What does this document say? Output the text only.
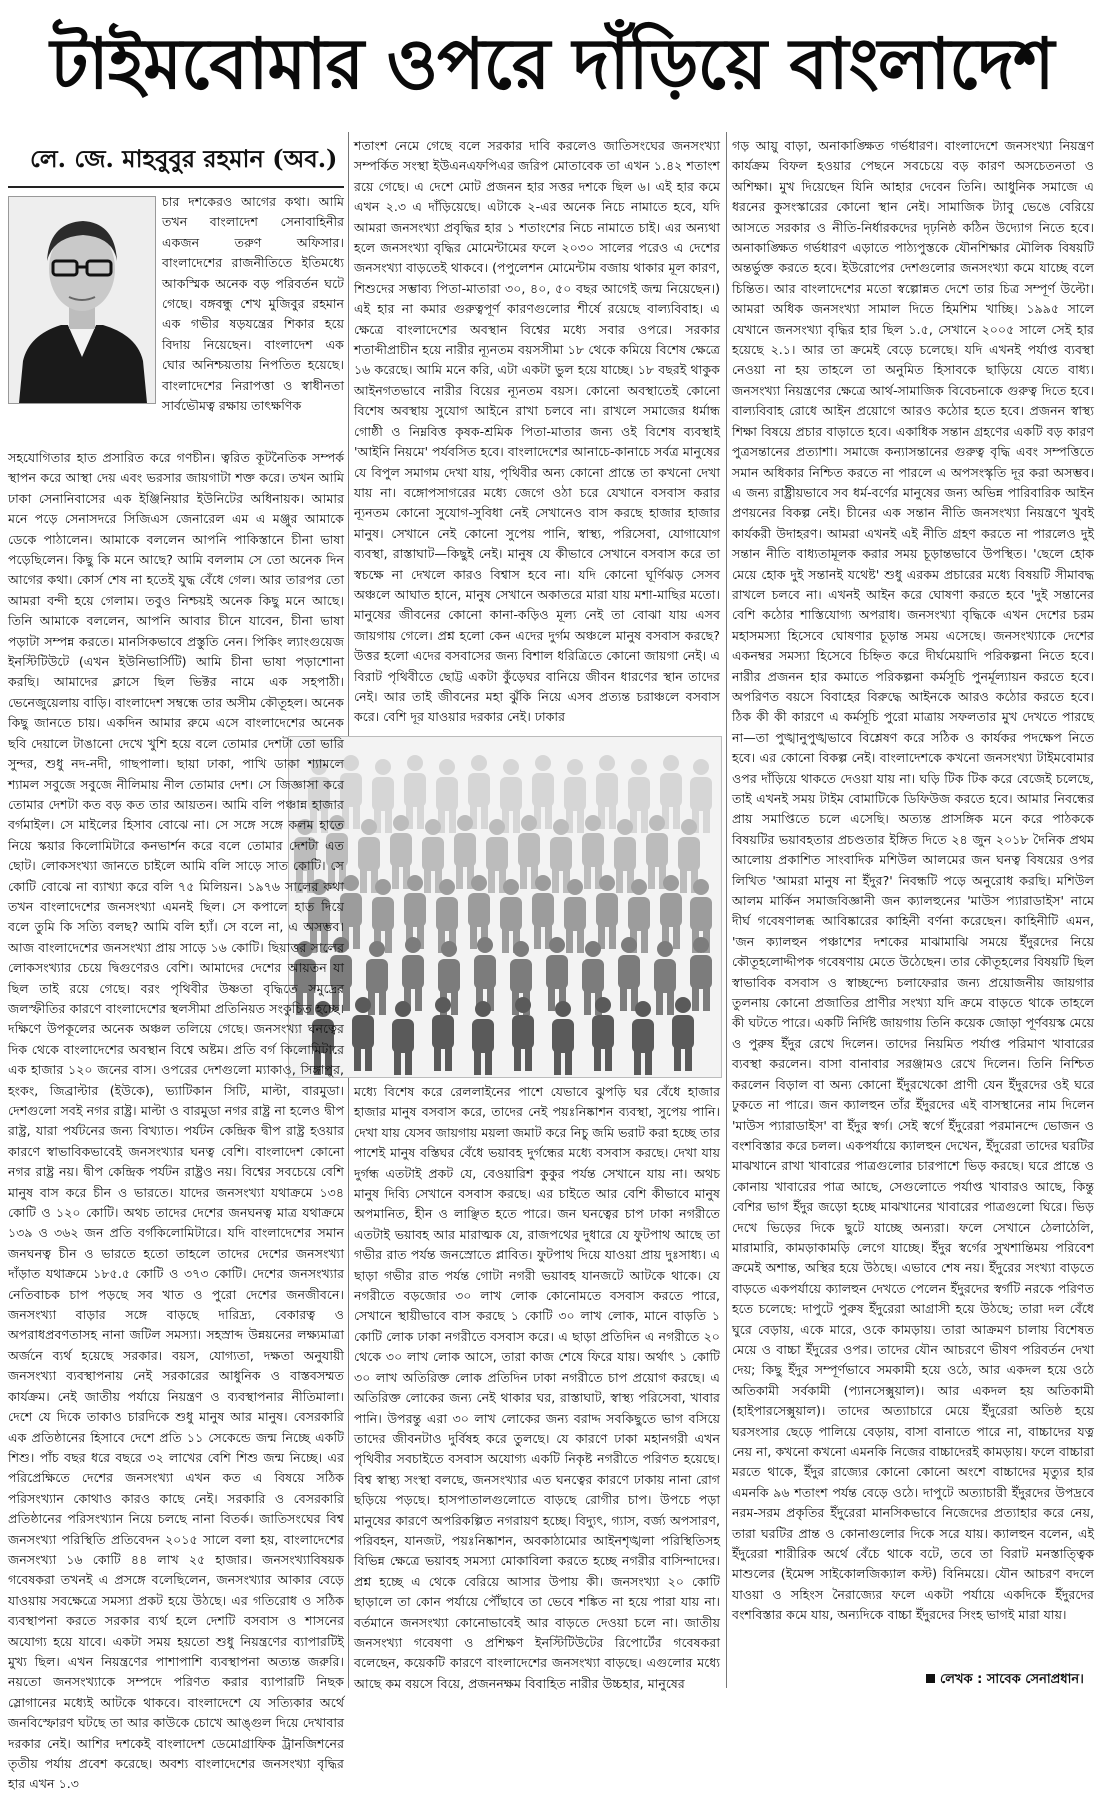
টাইমবোমার ওপরে দাঁড়িয়ে বাংলাদেশ
লে. জে. মাহবুবুর রহমান (অব.)

চার দশকেরও আগের কথা। আমি তখন বাংলাদেশ সেনাবাহিনীর একজন তরুণ অফিসার। বাংলাদেশের রাজনীতিতে ইতিমধ্যে আকস্মিক অনেক বড় পরিবর্তন ঘটে গেছে। বঙ্গবন্ধু শেখ মুজিবুর রহমান এক গভীর ষড়যন্ত্রের শিকার হয়ে বিদায় নিয়েছেন। বাংলাদেশ এক ঘোর অনিশ্চয়তায় নিপতিত হয়েছে। বাংলাদেশের নিরাপত্তা ও স্বাধীনতা সার্বভৌমত্ব রক্ষায় তাৎক্ষণিক

সহযোগিতার হাত প্রসারিত করে গণচীন। ত্বরিত কূটনৈতিক সম্পর্ক স্থাপন করে আস্থা দেয় এবং ভরসার জায়গাটা শক্ত করে। তখন আমি ঢাকা সেনানিবাসের এক ইঞ্জিনিয়ার ইউনিটের অধিনায়ক। আমার মনে পড়ে সেনাসদরে সিজিএস জেনারেল এম এ মঞ্জুর আমাকে ডেকে পাঠালেন। আমাকে বললেন আপনি পাকিস্তানে চীনা ভাষা পড়েছিলেন। কিছু কি মনে আছে? আমি বললাম সে তো অনেক দিন আগের কথা। কোর্স শেষ না হতেই যুদ্ধ বেঁধে গেল। আর তারপর তো আমরা বন্দী হয়ে গেলাম। তবুও নিশ্চয়ই অনেক কিছু মনে আছে। তিনি আমাকে বললেন, আপনি আবার চীনে যাবেন, চীনা ভাষা পড়াটা সম্পন্ন করতে। মানসিকভাবে প্রস্তুতি নেন। পিকিং ল্যাংগুয়েজ ইনস্টিটিউটে (এখন ইউনিভার্সিটি) আমি চীনা ভাষা পড়াশোনা করছি। আমাদের ক্লাসে ছিল ভিক্টর নামে এক সহপাঠী। ভেনেজুয়েলায় বাড়ি। বাংলাদেশ সম্বন্ধে তার অসীম কৌতূহল। অনেক কিছু জানতে চায়। একদিন আমার রুমে এসে বাংলাদেশের অনেক ছবি দেয়ালে টাঙানো দেখে খুশি হয়ে বলে তোমার দেশটা তো ভারি সুন্দর, শুধু নদ-নদী, গাছপালা। ছায়া ঢাকা, পাখি ডাকা শ্যামলে শ্যামল সবুজে সবুজে নীলিমায় নীল তোমার দেশ। সে জিজ্ঞাসা করে তোমার দেশটা কত বড় কত তার আয়তন। আমি বলি পঞ্চান্ন হাজার বর্গমাইল। সে মাইলের হিসাব বোঝে না। সে সঙ্গে সঙ্গে কলম হাতে নিয়ে স্কয়ার কিলোমিটারে কনভার্শন করে বলে তোমার দেশটা এত ছোট। লোকসংখ্যা জানতে চাইলে আমি বলি সাড়ে সাত কোটি। সে কোটি বোঝে না ব্যাখ্যা করে বলি ৭৫ মিলিয়ন। ১৯৭৬ সালের কথা তখন বাংলাদেশের জনসংখ্যা এমনই ছিল। সে কপালে হাত দিয়ে বলে তুমি কি সত্যি বলছ? আমি বলি হ্যাঁ। সে বলে না, এ অসম্ভব। আজ বাংলাদেশের জনসংখ্যা প্রায় সাড়ে ১৬ কোটি। ছিয়াত্তর সালের লোকসংখ্যার চেয়ে দ্বিগুণেরও বেশি। আমাদের দেশের আয়তন যা ছিল তাই রয়ে গেছে। বরং পৃথিবীর উষ্ণতা বৃদ্ধিতে সমুদ্রের জলস্ফীতির কারণে বাংলাদেশের স্থলসীমা প্রতিনিয়ত সংকুচিত হচ্ছে। দক্ষিণে উপকূলের অনেক অঞ্চল তলিয়ে গেছে। জনসংখ্যা ঘনত্বের দিক থেকে বাংলাদেশের অবস্থান বিশ্বে অষ্টম। প্রতি বর্গ কিলোমিটারে এক হাজার ১২০ জনের বাস। ওপরের দেশগুলো ম্যাকাও, সিঙ্গাপুর, হংকং, জিব্রাল্টার (ইউকে), ভ্যাটিকান সিটি, মাল্টা, বারমুডা। দেশগুলো সবই নগর রাষ্ট্র। মাল্টা ও বারমুডা নগর রাষ্ট্র না হলেও দ্বীপ রাষ্ট্র, যারা পর্যটনের জন্য বিখ্যাত। পর্যটন কেন্দ্রিক দ্বীপ রাষ্ট্র হওয়ার কারণে স্বাভাবিকভাবেই জনসংখ্যার ঘনত্ব বেশি। বাংলাদেশ কোনো নগর রাষ্ট্র নয়। দ্বীপ কেন্দ্রিক পর্যটন রাষ্ট্রও নয়। বিশ্বের সবচেয়ে বেশি মানুষ বাস করে চীন ও ভারতে। যাদের জনসংখ্যা যথাক্রমে ১৩৪ কোটি ও ১২০ কোটি। অথচ তাদের দেশের জনঘনত্ব মাত্র যথাক্রমে ১৩৯ ও ৩৬২ জন প্রতি বর্গকিলোমিটারে। যদি বাংলাদেশের সমান জনঘনত্ব চীন ও ভারতে হতো তাহলে তাদের দেশের জনসংখ্যা দাঁড়াত যথাক্রমে ১৮৫.৫ কোটি ও ৩৭৩ কোটি। দেশের জনসংখ্যার নেতিবাচক চাপ পড়ছে সব খাত ও পুরো দেশের জনজীবনে। জনসংখ্যা বাড়ার সঙ্গে বাড়ছে দারিদ্র্য, বেকারত্ব ও অপরাধপ্রবণতাসহ নানা জটিল সমস্যা। সহস্রাব্দ উন্নয়নের লক্ষ্যমাত্রা অর্জনে ব্যর্থ হয়েছে সরকার। বয়স, যোগ্যতা, দক্ষতা অনুযায়ী জনসংখ্যা ব্যবস্থাপনায় নেই সরকারের আধুনিক ও বাস্তবসম্মত কার্যক্রম। নেই জাতীয় পর্যায়ে নিয়ন্ত্রণ ও ব্যবস্থাপনার নীতিমালা। দেশে যে দিকে তাকাও চারদিকে শুধু মানুষ আর মানুষ। বেসরকারি এক প্রতিষ্ঠানের হিসাবে দেশে প্রতি ১১ সেকেন্ডে জন্ম নিচ্ছে একটি শিশু। পাঁচ বছর ধরে বছরে ৩২ লাখের বেশি শিশু জন্ম নিচ্ছে। এর পরিপ্রেক্ষিতে দেশের জনসংখ্যা এখন কত এ বিষয়ে সঠিক পরিসংখ্যান কোথাও কারও কাছে নেই। সরকারি ও বেসরকারি প্রতিষ্ঠানের পরিসংখ্যান নিয়ে চলছে নানা বিতর্ক। জাতিসংঘের বিশ্ব জনসংখ্যা পরিস্থিতি প্রতিবেদন ২০১৫ সালে বলা হয়, বাংলাদেশের জনসংখ্যা ১৬ কোটি ৪৪ লাখ ২৫ হাজার। জনসংখ্যাবিষয়ক গবেষকরা তখনই এ প্রসঙ্গে বলেছিলেন, জনসংখ্যার আকার বেড়ে যাওয়ায় সবক্ষেত্রে সমস্যা প্রকট হয়ে উঠছে। এর গতিরোধ ও সঠিক ব্যবস্থাপনা করতে সরকার ব্যর্থ হলে দেশটি বসবাস ও শাসনের অযোগ্য হয়ে যাবে। একটা সময় হয়তো শুধু নিয়ন্ত্রণের ব্যাপারটিই মুখ্য ছিল। এখন নিয়ন্ত্রণের পাশাপাশি ব্যবস্থাপনা অত্যন্ত জরুরি। নয়তো জনসংখ্যাকে সম্পদে পরিণত করার ব্যাপারটি নিছক স্লোগানের মধ্যেই আটকে থাকবে। বাংলাদেশে যে সত্যিকার অর্থে জনবিস্ফোরণ ঘটছে তা আর কাউকে চোখে আঙ্গুল দিয়ে দেখাবার দরকার নেই। আশির দশকেই বাংলাদেশ ডেমোগ্রাফিক ট্রানজিশনের তৃতীয় পর্যায় প্রবেশ করেছে। অবশ্য বাংলাদেশের জনসংখ্যা বৃদ্ধির হার এখন ১.৩

শতাংশ নেমে গেছে বলে সরকার দাবি করলেও জাতিসংঘের জনসংখ্যা সম্পর্কিত সংস্থা ইউএনএফপিএর জরিপ মোতাবেক তা এখন ১.৪২ শতাংশ রয়ে গেছে। এ দেশে মোট প্রজনন হার সত্তর দশকে ছিল ৬। এই হার কমে এখন ২.৩ এ দাঁড়িয়েছে। এটাকে ২-এর অনেক নিচে নামাতে হবে, যদি আমরা জনসংখ্যা প্রবৃদ্ধির হার ১ শতাংশের নিচে নামাতে চাই। এর অন্যথা হলে জনসংখ্যা বৃদ্ধির মোমেন্টামের ফলে ২০৩০ সালের পরেও এ দেশের জনসংখ্যা বাড়তেই থাকবে। (পপুলেশন মোমেন্টাম বজায় থাকার মূল কারণ, শিশুদের সম্ভাব্য পিতা-মাতারা ৩০, ৪০, ৫০ বছর আগেই জন্ম নিয়েছেন।) এই হার না কমার গুরুত্বপূর্ণ কারণগুলোর শীর্ষে রয়েছে বাল্যবিবাহ। এ ক্ষেত্রে বাংলাদেশের অবস্থান বিশ্বের মধ্যে সবার ওপরে। সরকার শতাব্দীপ্রাচীন হয়ে নারীর ন্যূনতম বয়সসীমা ১৮ থেকে কমিয়ে বিশেষ ক্ষেত্রে ১৬ করেছে। আমি মনে করি, এটা একটা ভুল হয়ে যাচ্ছে। ১৮ বছরই থাকুক আইনগতভাবে নারীর বিয়ের ন্যূনতম বয়স। কোনো অবস্থাতেই কোনো বিশেষ অবস্থায় সুযোগ আইনে রাখা চলবে না। রাখলে সমাজের ধর্মান্ধ গোষ্ঠী ও নিম্নবিত্ত কৃষক-শ্রমিক পিতা-মাতার জন্য ওই বিশেষ ব্যবস্থাই 'আইনি নিয়মে' পর্যবসিত হবে। বাংলাদেশের আনাচে-কানাচে সর্বত্র মানুষের যে বিপুল সমাগম দেখা যায়, পৃথিবীর অন্য কোনো প্রান্তে তা কখনো দেখা যায় না। বঙ্গোপসাগরের মধ্যে জেগে ওঠা চরে যেখানে বসবাস করার ন্যূনতম কোনো সুযোগ-সুবিধা নেই সেখানেও বাস করছে হাজার হাজার মানুষ। সেখানে নেই কোনো সুপেয় পানি, স্বাস্থ্য, পরিসেবা, যোগাযোগ ব্যবস্থা, রাস্তাঘাট—কিছুই নেই। মানুষ যে কীভাবে সেখানে বসবাস করে তা স্বচক্ষে না দেখলে কারও বিশ্বাস হবে না। যদি কোনো ঘূর্ণিঝড় সেসব অঞ্চলে আঘাত হানে, মানুষ সেখানে অকাতরে মারা যায় মশা-মাছির মতো। মানুষের জীবনের কোনো কানা-কড়িও মূল্য নেই তা বোঝা যায় এসব জায়গায় গেলে। প্রশ্ন হলো কেন এদের দুর্গম অঞ্চলে মানুষ বসবাস করছে? উত্তর হলো এদের বসবাসের জন্য বিশাল ধরিত্রিতে কোনো জায়গা নেই। এ বিরাট পৃথিবীতে ছোট্ট একটা কুঁড়েঘর বানিয়ে জীবন ধারণের স্থান তাদের নেই। আর তাই জীবনের মহা ঝুঁকি নিয়ে এসব প্রত্যন্ত চরাঞ্চলে বসবাস করে। বেশি দূর যাওয়ার দরকার নেই। ঢাকার

মধ্যে বিশেষ করে রেললাইনের পাশে যেভাবে ঝুপড়ি ঘর বেঁধে হাজার হাজার মানুষ বসবাস করে, তাদের নেই পয়ঃনিষ্কাশন ব্যবস্থা, সুপেয় পানি। দেখা যায় যেসব জায়গায় ময়লা জমাট করে নিচু জমি ভরাট করা হচ্ছে তার পাশেই মানুষ বস্তিঘর বেঁধে ভয়াবহ দুর্গন্ধের মধ্যে বসবাস করছে। দেখা যায় দুর্গন্ধ এতটাই প্রকট যে, বেওয়ারিশ কুকুর পর্যন্ত সেখানে যায় না। অথচ মানুষ দিব্যি সেখানে বসবাস করছে। এর চাইতে আর বেশি কীভাবে মানুষ অপমানিত, হীন ও লাঞ্ছিত হতে পারে। জন ঘনত্বের চাপ ঢাকা নগরীতে এতটাই ভয়াবহ আর মারাত্মক যে, রাজপথের দুধারে যে ফুটপাথ আছে তা গভীর রাত পর্যন্ত জনস্রোতে প্লাবিত। ফুটপাথ দিয়ে যাওয়া প্রায় দুঃসাধ্য। এ ছাড়া গভীর রাত পর্যন্ত গোটা নগরী ভয়াবহ যানজটে আটকে থাকে। যে নগরীতে বড়জোর ৩০ লাখ লোক কোনোমতে বসবাস করতে পারে, সেখানে স্থায়ীভাবে বাস করছে ১ কোটি ৩০ লাখ লোক, মানে বাড়তি ১ কোটি লোক ঢাকা নগরীতে বসবাস করে। এ ছাড়া প্রতিদিন এ নগরীতে ২০ থেকে ৩০ লাখ লোক আসে, তারা কাজ শেষে ফিরে যায়। অর্থাৎ ১ কোটি ৩০ লাখ অতিরিক্ত লোক প্রতিদিন ঢাকা নগরীতে চাপ প্রয়োগ করছে। এ অতিরিক্ত লোকের জন্য নেই থাকার ঘর, রাস্তাঘাট, স্বাস্থ্য পরিসেবা, খাবার পানি। উপরন্তু এরা ৩০ লাখ লোকের জন্য বরাদ্দ সবকিছুতে ভাগ বসিয়ে তাদের জীবনটাও দুর্বিষহ করে তুলছে। যে কারণে ঢাকা মহানগরী এখন পৃথিবীর সবচাইতে বসবাস অযোগ্য একটি নিকৃষ্ট নগরীতে পরিণত হয়েছে। বিশ্ব স্বাস্থ্য সংস্থা বলছে, জনসংখ্যার এত ঘনত্বের কারণে ঢাকায় নানা রোগ ছড়িয়ে পড়ছে। হাসপাতালগুলোতে বাড়ছে রোগীর চাপ। উপচে পড়া মানুষের কারণে অপরিকল্পিত নগরায়ণ হচ্ছে। বিদ্যুৎ, গ্যাস, বর্জ্য অপসারণ, পরিবহন, যানজট, পয়ঃনিষ্কাশন, অবকাঠামোর আইনশৃঙ্খলা পরিস্থিতিসহ বিভিন্ন ক্ষেত্রে ভয়াবহ সমস্যা মোকাবিলা করতে হচ্ছে নগরীর বাসিন্দাদের। প্রশ্ন হচ্ছে এ থেকে বেরিয়ে আসার উপায় কী। জনসংখ্যা ২০ কোটি ছাড়ালে তা কোন পর্যায়ে পৌঁছাবে তা ভেবে শঙ্কিত না হয়ে পারা যায় না। বর্তমানে জনসংখ্যা কোনোভাবেই আর বাড়তে দেওয়া চলে না। জাতীয় জনসংখ্যা গবেষণা ও প্রশিক্ষণ ইনস্টিটিউটের রিপোর্টের গবেষকরা বলেছেন, কয়েকটি কারণে বাংলাদেশের জনসংখ্যা বাড়ছে। এগুলোর মধ্যে আছে কম বয়সে বিয়ে, প্রজননক্ষম বিবাহিত নারীর উচ্চহার, মানুষের

গড় আয়ু বাড়া, অনাকাঙ্ক্ষিত গর্ভধারণ। বাংলাদেশে জনসংখ্যা নিয়ন্ত্রণ কার্যক্রম বিফল হওয়ার পেছনে সবচেয়ে বড় কারণ অসচেতনতা ও অশিক্ষা। মুখ দিয়েছেন যিনি আহার দেবেন তিনি। আধুনিক সমাজে এ ধরনের কুসংস্কারের কোনো স্থান নেই। সামাজিক ট্যাবু ভেঙে বেরিয়ে আসতে সরকার ও নীতি-নির্ধারকদের দৃঢ়নিষ্ঠ কঠিন উদ্যোগ নিতে হবে। অনাকাঙ্ক্ষিত গর্ভধারণ এড়াতে পাঠ্যপুস্তকে যৌনশিক্ষার মৌলিক বিষয়টি অন্তর্ভুক্ত করতে হবে। ইউরোপের দেশগুলোর জনসংখ্যা কমে যাচ্ছে বলে চিন্তিত। আর বাংলাদেশের মতো স্বল্পোন্নত দেশে তার চিত্র সম্পূর্ণ উল্টো। আমরা অধিক জনসংখ্যা সামাল দিতে হিমশিম খাচ্ছি। ১৯৯৫ সালে যেখানে জনসংখ্যা বৃদ্ধির হার ছিল ১.৫, সেখানে ২০০৫ সালে সেই হার হয়েছে ২.১। আর তা ক্রমেই বেড়ে চলেছে। যদি এখনই পর্যাপ্ত ব্যবস্থা নেওয়া না হয় তাহলে তা অনুমিত হিসাবকে ছাড়িয়ে যেতে বাধ্য। জনসংখ্যা নিয়ন্ত্রণের ক্ষেত্রে আর্থ-সামাজিক বিবেচনাকে গুরুত্ব দিতে হবে। বাল্যবিবাহ রোধে আইন প্রয়োগে আরও কঠোর হতে হবে। প্রজনন স্বাস্থ্য শিক্ষা বিষয়ে প্রচার বাড়াতে হবে। একাধিক সন্তান গ্রহণের একটি বড় কারণ পুত্রসন্তানের প্রত্যাশা। সমাজে কন্যাসন্তানের গুরুত্ব বৃদ্ধি এবং সম্পত্তিতে সমান অধিকার নিশ্চিত করতে না পারলে এ অপসংস্কৃতি দূর করা অসম্ভব। এ জন্য রাষ্ট্রীয়ভাবে সব ধর্ম-বর্ণের মানুষের জন্য অভিন্ন পারিবারিক আইন প্রণয়নের বিকল্প নেই। চীনের এক সন্তান নীতি জনসংখ্যা নিয়ন্ত্রণে খুবই কার্যকরী উদাহরণ। আমরা এখনই এই নীতি গ্রহণ করতে না পারলেও দুই সন্তান নীতি বাধ্যতামূলক করার সময় চূড়ান্তভাবে উপস্থিত। 'ছেলে হোক মেয়ে হোক দুই সন্তানই যথেষ্ট' শুধু এরকম প্রচারের মধ্যে বিষয়টি সীমাবদ্ধ রাখলে চলবে না। এখনই আইন করে ঘোষণা করতে হবে 'দুই সন্তানের বেশি কঠোর শাস্তিযোগ্য অপরাধ। জনসংখ্যা বৃদ্ধিকে এখন দেশের চরম মহাসমস্যা হিসেবে ঘোষণার চূড়ান্ত সময় এসেছে। জনসংখ্যাকে দেশের একনম্বর সমস্যা হিসেবে চিহ্নিত করে দীর্ঘমেয়াদি পরিকল্পনা নিতে হবে। নারীর প্রজনন হার কমাতে পরিকল্পনা কর্মসূচি পুনর্মূল্যায়ন করতে হবে। অপরিণত বয়সে বিবাহের বিরুদ্ধে আইনকে আরও কঠোর করতে হবে। ঠিক কী কী কারণে এ কর্মসূচি পুরো মাত্রায় সফলতার মুখ দেখতে পারছে না—তা পুঙ্খানুপুঙ্খভাবে বিশ্লেষণ করে সঠিক ও কার্যকর পদক্ষেপ নিতে হবে। এর কোনো বিকল্প নেই। বাংলাদেশকে কখনো জনসংখ্যা টাইমবোমার ওপর দাঁড়িয়ে থাকতে দেওয়া যায় না। ঘড়ি টিক টিক করে বেজেই চলেছে, তাই এখনই সময় টাইম বোমাটিকে ডিফিউজ করতে হবে। আমার নিবন্ধের প্রায় সমাপ্তিতে চলে এসেছি। অত্যন্ত প্রাসঙ্গিক মনে করে পাঠককে বিষয়টির ভয়াবহতার প্রচণ্ডতার ইঙ্গিত দিতে ২৪ জুন ২০১৮ দৈনিক প্রথম আলোয় প্রকাশিত সাংবাদিক মশিউল আলমের জন ঘনত্ব বিষয়ের ওপর লিখিত 'আমরা মানুষ না ইঁদুর?' নিবন্ধটি পড়ে অনুরোধ করছি। মশিউল আলম মার্কিন সমাজবিজ্ঞানী জন ক্যালহুনের 'মাউস প্যারাডাইস' নামে দীর্ঘ গবেষণালব্ধ আবিষ্কারের কাহিনী বর্ণনা করেছেন। কাহিনীটি এমন, 'জন ক্যালহুন পঞ্চাশের দশকের মাঝামাঝি সময়ে ইঁদুরদের নিয়ে কৌতূহলোদ্দীপক গবেষণায় মেতে উঠেছেন। তার কৌতূহলের বিষয়টি ছিল স্বাভাবিক বসবাস ও স্বাচ্ছন্দ্যে চলাফেরার জন্য প্রয়োজনীয় জায়গার তুলনায় কোনো প্রজাতির প্রাণীর সংখ্যা যদি ক্রমে বাড়তে থাকে তাহলে কী ঘটতে পারে। একটি নির্দিষ্ট জায়গায় তিনি কয়েক জোড়া পূর্ণবয়স্ক মেয়ে ও পুরুষ ইঁদুর রেখে দিলেন। তাদের নিয়মিত পর্যাপ্ত পরিমাণ খাবারের ব্যবস্থা করলেন। বাসা বানাবার সরঞ্জামও রেখে দিলেন। তিনি নিশ্চিত করলেন বিড়াল বা অন্য কোনো ইঁদুরখেকো প্রাণী যেন ইঁদুরদের ওই ঘরে ঢুকতে না পারে। জন ক্যালহুন তাঁর ইঁদুরদের এই বাসস্থানের নাম দিলেন 'মাউস প্যারাডাইস' বা ইঁদুর স্বর্গ। সেই স্বর্গে ইঁদুরেরা পরমানন্দে ভোজন ও বংশবিস্তার করে চলল। একপর্যায়ে ক্যালহুন দেখেন, ইঁদুরেরা তাদের ঘরটির মাঝখানে রাখা খাবারের পাত্রগুলোর চারপাশে ভিড় করছে। ঘরে প্রান্তে ও কোনায় খাবারের পাত্র আছে, সেগুলোতে পর্যাপ্ত খাবারও আছে, কিন্তু বেশির ভাগ ইঁদুর জড়ো হচ্ছে মাঝখানের খাবারের পাত্রগুলো ঘিরে। ভিড় দেখে ভিড়ের দিকে ছুটে যাচ্ছে অন্যরা। ফলে সেখানে ঠেলাঠেলি, মারামারি, কামড়াকামড়ি লেগে যাচ্ছে। ইঁদুর স্বর্গের সুখশান্তিময় পরিবেশ ক্রমেই অশান্ত, অস্থির হয়ে উঠছে। এভাবে শেষ নয়। ইঁদুরের সংখ্যা বাড়তে বাড়তে একপর্যায়ে ক্যালহুন দেখতে পেলেন ইঁদুরদের স্বর্গটি নরকে পরিণত হতে চলেছে: দাপুটে পুরুষ ইঁদুরেরা আগ্রাসী হয়ে উঠছে; তারা দল বেঁধে ঘুরে বেড়ায়, একে মারে, ওকে কামড়ায়। তারা আক্রমণ চালায় বিশেষত মেয়ে ও বাচ্চা ইঁদুরের ওপর। তাদের যৌন আচরণে ভীষণ পরিবর্তন দেখা দেয়; কিছু ইঁদুর সম্পূর্ণভাবে সমকামী হয়ে ওঠে, আর একদল হয়ে ওঠে অতিকামী সর্বকামী (প্যানসেক্সুয়াল)। আর একদল হয় অতিকামী (হাইপারসেক্সুয়াল)। তাদের অত্যাচারে মেয়ে ইঁদুরেরা অতিষ্ঠ হয়ে ঘরসংসার ছেড়ে পালিয়ে বেড়ায়, বাসা বানাতে পারে না, বাচ্চাদের যত্ন নেয় না, কখনো কখনো এমনকি নিজের বাচ্চাদেরই কামড়ায়। ফলে বাচ্চারা মরতে থাকে, ইঁদুর রাজ্যের কোনো কোনো অংশে বাচ্চাদের মৃত্যুর হার এমনকি ৯৬ শতাংশ পর্যন্ত বেড়ে ওঠে। দাপুটে অত্যাচারী ইঁদুরদের উপদ্রবে নরম-সরম প্রকৃতির ইঁদুরেরা মানসিকভাবে নিজেদের প্রত্যাহার করে নেয়, তারা ঘরটির প্রান্ত ও কোনাগুলোর দিকে সরে যায়। ক্যালহুন বলেন, এই ইঁদুরেরা শারীরিক অর্থে বেঁচে থাকে বটে, তবে তা বিরাট মনস্তাত্ত্বিক মাশুলের (ইমেন্স সাইকোলজিক্যাল কস্ট) বিনিময়ে। যৌন আচরণ বদলে যাওয়া ও সহিংস নৈরাজ্যের ফলে একটা পর্যায়ে একদিকে ইঁদুরদের বংশবিস্তার কমে যায়, অন্যদিকে বাচ্চা ইঁদুরদের সিংহ ভাগই মারা যায়।

লেখক : সাবেক সেনাপ্রধান।
